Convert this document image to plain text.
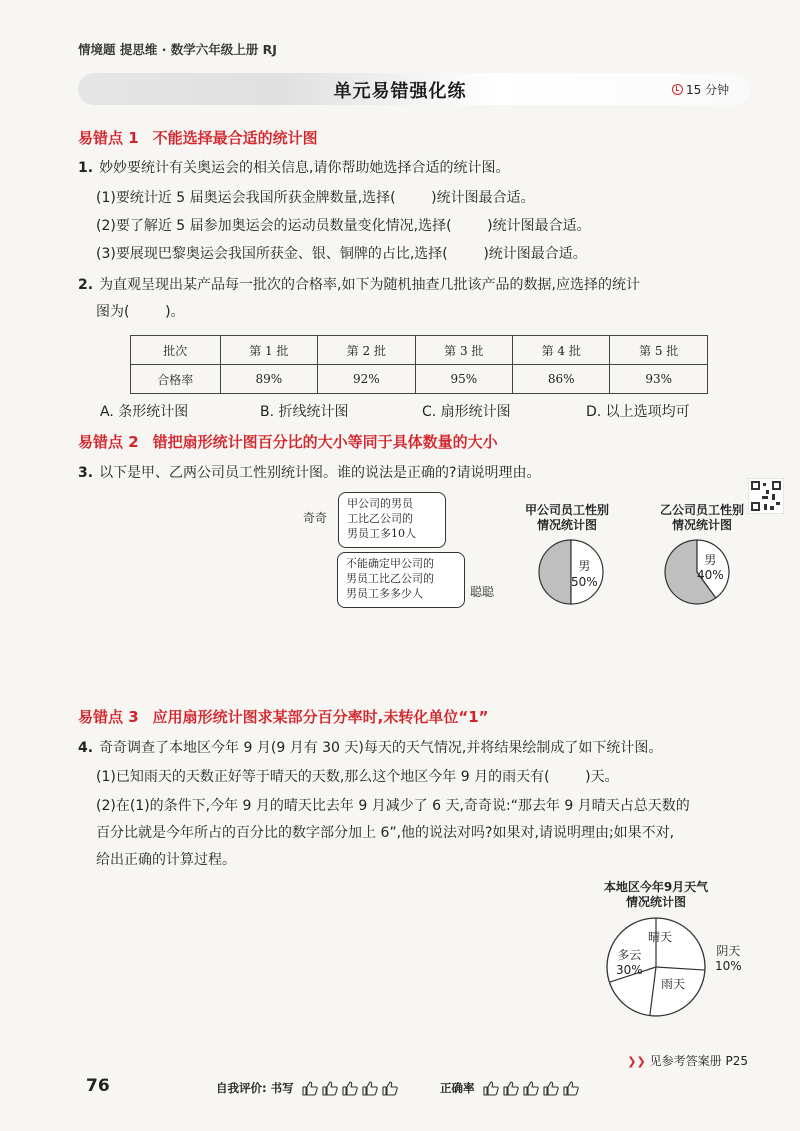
情境题 提思维 · 数学六年级上册 RJ
单元易错强化练	15 分钟
易错点 1 不能选择最合适的统计图
1. 妙妙要统计有关奥运会的相关信息,请你帮助她选择合适的统计图。
(1)要统计近 5 届奥运会我国所获金牌数量,选择(        )统计图最合适。
(2)要了解近 5 届参加奥运会的运动员数量变化情况,选择(        )统计图最合适。
(3)要展现巴黎奥运会我国所获金、银、铜牌的占比,选择(        )统计图最合适。
2. 为直观呈现出某产品每一批次的合格率,如下为随机抽查几批该产品的数据,应选择的统计
图为(        )。
批次	第 1 批	第 2 批	第 3 批	第 4 批	第 5 批
合格率	89%	92%	95%	86%	93%
A. 条形统计图	B. 折线统计图	C. 扇形统计图	D. 以上选项均可
易错点 2 错把扇形统计图百分比的大小等同于具体数量的大小
3. 以下是甲、乙两公司员工性别统计图。谁的说法是正确的?请说明理由。
奇奇
甲公司的男员
工比乙公司的
男员工多10人
不能确定甲公司的
男员工比乙公司的
男员工多多少人	聪聪
甲公司员工性别
情况统计图
男
50%
乙公司员工性别
情况统计图
男
40%
易错点 3 应用扇形统计图求某部分百分率时,未转化单位“1”
4. 奇奇调查了本地区今年 9 月(9 月有 30 天)每天的天气情况,并将结果绘制成了如下统计图。
(1)已知雨天的天数正好等于晴天的天数,那么这个地区今年 9 月的雨天有(        )天。
(2)在(1)的条件下,今年 9 月的晴天比去年 9 月减少了 6 天,奇奇说:“那去年 9 月晴天占总天数的
百分比就是今年所占的百分比的数字部分加上 6”,他的说法对吗?如果对,请说明理由;如果不对,
给出正确的计算过程。
本地区今年9月天气
情况统计图
晴天
多云
30%
雨天
阴天
10%
❯❯ 见参考答案册 P25
76	自我评价: 书写	正确率
